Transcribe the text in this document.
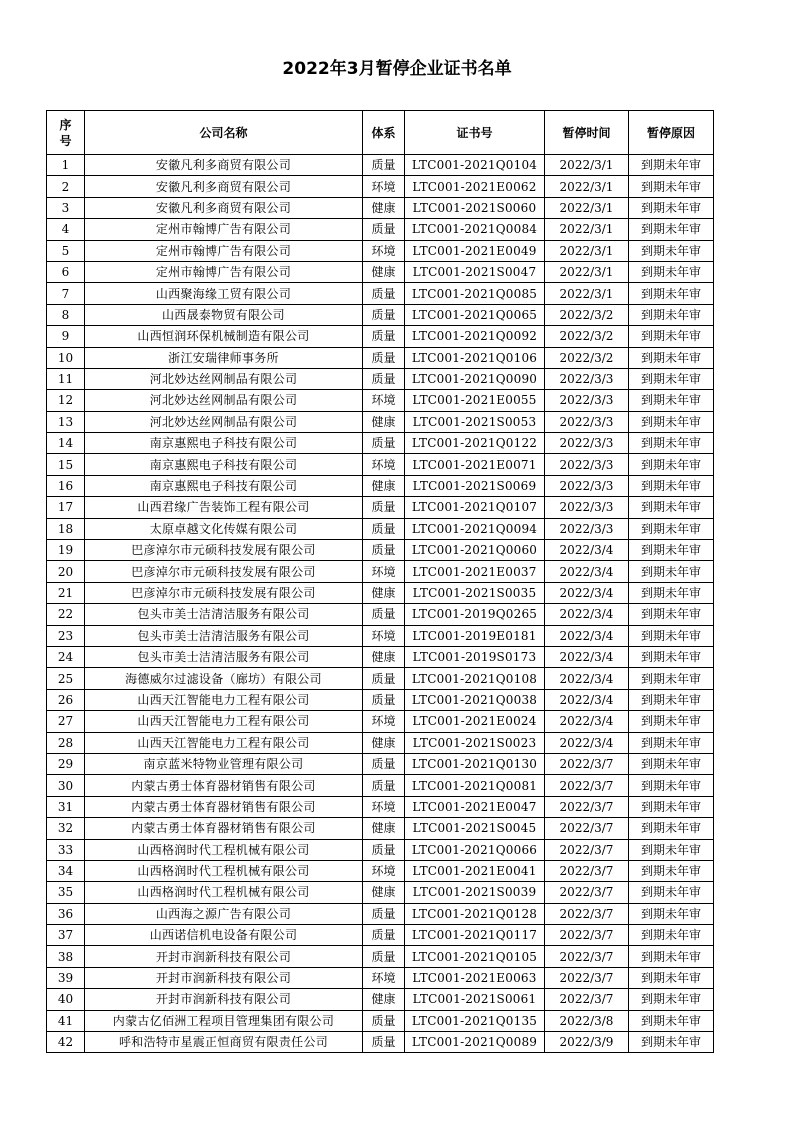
2022年3月暂停企业证书名单
序号	公司名称	体系	证书号	暂停时间	暂停原因
1	安徽凡利多商贸有限公司	质量	LTC001-2021Q0104	2022/3/1	到期未年审
2	安徽凡利多商贸有限公司	环境	LTC001-2021E0062	2022/3/1	到期未年审
3	安徽凡利多商贸有限公司	健康	LTC001-2021S0060	2022/3/1	到期未年审
4	定州市翰博广告有限公司	质量	LTC001-2021Q0084	2022/3/1	到期未年审
5	定州市翰博广告有限公司	环境	LTC001-2021E0049	2022/3/1	到期未年审
6	定州市翰博广告有限公司	健康	LTC001-2021S0047	2022/3/1	到期未年审
7	山西聚海缘工贸有限公司	质量	LTC001-2021Q0085	2022/3/1	到期未年审
8	山西晟泰物贸有限公司	质量	LTC001-2021Q0065	2022/3/2	到期未年审
9	山西恒润环保机械制造有限公司	质量	LTC001-2021Q0092	2022/3/2	到期未年审
10	浙江安瑞律师事务所	质量	LTC001-2021Q0106	2022/3/2	到期未年审
11	河北妙达丝网制品有限公司	质量	LTC001-2021Q0090	2022/3/3	到期未年审
12	河北妙达丝网制品有限公司	环境	LTC001-2021E0055	2022/3/3	到期未年审
13	河北妙达丝网制品有限公司	健康	LTC001-2021S0053	2022/3/3	到期未年审
14	南京惠熙电子科技有限公司	质量	LTC001-2021Q0122	2022/3/3	到期未年审
15	南京惠熙电子科技有限公司	环境	LTC001-2021E0071	2022/3/3	到期未年审
16	南京惠熙电子科技有限公司	健康	LTC001-2021S0069	2022/3/3	到期未年审
17	山西君缘广告装饰工程有限公司	质量	LTC001-2021Q0107	2022/3/3	到期未年审
18	太原卓越文化传媒有限公司	质量	LTC001-2021Q0094	2022/3/3	到期未年审
19	巴彦淖尔市元硕科技发展有限公司	质量	LTC001-2021Q0060	2022/3/4	到期未年审
20	巴彦淖尔市元硕科技发展有限公司	环境	LTC001-2021E0037	2022/3/4	到期未年审
21	巴彦淖尔市元硕科技发展有限公司	健康	LTC001-2021S0035	2022/3/4	到期未年审
22	包头市美士洁清洁服务有限公司	质量	LTC001-2019Q0265	2022/3/4	到期未年审
23	包头市美士洁清洁服务有限公司	环境	LTC001-2019E0181	2022/3/4	到期未年审
24	包头市美士洁清洁服务有限公司	健康	LTC001-2019S0173	2022/3/4	到期未年审
25	海德威尔过滤设备（廊坊）有限公司	质量	LTC001-2021Q0108	2022/3/4	到期未年审
26	山西天江智能电力工程有限公司	质量	LTC001-2021Q0038	2022/3/4	到期未年审
27	山西天江智能电力工程有限公司	环境	LTC001-2021E0024	2022/3/4	到期未年审
28	山西天江智能电力工程有限公司	健康	LTC001-2021S0023	2022/3/4	到期未年审
29	南京蓝米特物业管理有限公司	质量	LTC001-2021Q0130	2022/3/7	到期未年审
30	内蒙古勇士体育器材销售有限公司	质量	LTC001-2021Q0081	2022/3/7	到期未年审
31	内蒙古勇士体育器材销售有限公司	环境	LTC001-2021E0047	2022/3/7	到期未年审
32	内蒙古勇士体育器材销售有限公司	健康	LTC001-2021S0045	2022/3/7	到期未年审
33	山西格润时代工程机械有限公司	质量	LTC001-2021Q0066	2022/3/7	到期未年审
34	山西格润时代工程机械有限公司	环境	LTC001-2021E0041	2022/3/7	到期未年审
35	山西格润时代工程机械有限公司	健康	LTC001-2021S0039	2022/3/7	到期未年审
36	山西海之源广告有限公司	质量	LTC001-2021Q0128	2022/3/7	到期未年审
37	山西诺信机电设备有限公司	质量	LTC001-2021Q0117	2022/3/7	到期未年审
38	开封市润新科技有限公司	质量	LTC001-2021Q0105	2022/3/7	到期未年审
39	开封市润新科技有限公司	环境	LTC001-2021E0063	2022/3/7	到期未年审
40	开封市润新科技有限公司	健康	LTC001-2021S0061	2022/3/7	到期未年审
41	内蒙古亿佰洲工程项目管理集团有限公司	质量	LTC001-2021Q0135	2022/3/8	到期未年审
42	呼和浩特市星震正恒商贸有限责任公司	质量	LTC001-2021Q0089	2022/3/9	到期未年审
